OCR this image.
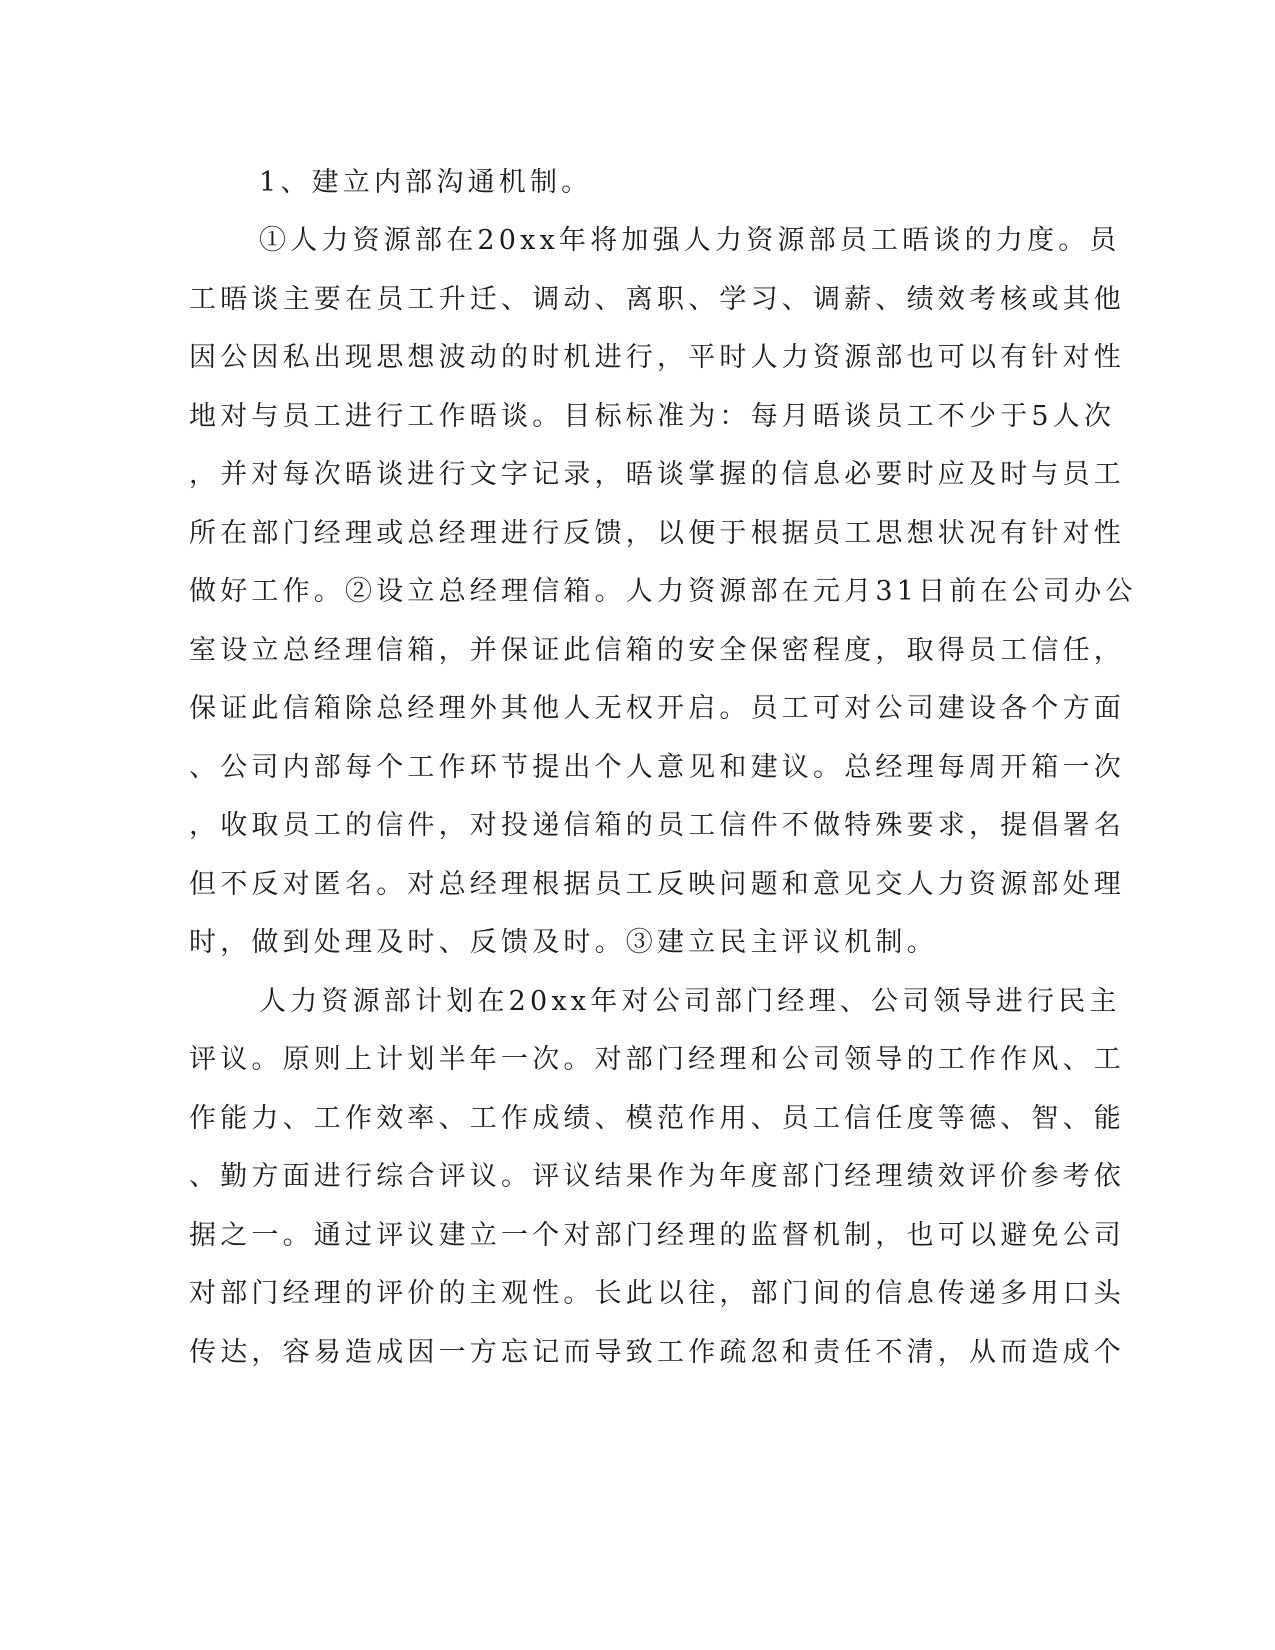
1、建立内部沟通机制。
①人力资源部在20xx年将加强人力资源部员工晤谈的力度。员
工晤谈主要在员工升迁、调动、离职、学习、调薪、绩效考核或其他
因公因私出现思想波动的时机进行，平时人力资源部也可以有针对性
地对与员工进行工作晤谈。目标标准为：每月晤谈员工不少于5人次
，并对每次晤谈进行文字记录，晤谈掌握的信息必要时应及时与员工
所在部门经理或总经理进行反馈，以便于根据员工思想状况有针对性
做好工作。②设立总经理信箱。人力资源部在元月31日前在公司办公
室设立总经理信箱，并保证此信箱的安全保密程度，取得员工信任，
保证此信箱除总经理外其他人无权开启。员工可对公司建设各个方面
、公司内部每个工作环节提出个人意见和建议。总经理每周开箱一次
，收取员工的信件，对投递信箱的员工信件不做特殊要求，提倡署名
但不反对匿名。对总经理根据员工反映问题和意见交人力资源部处理
时，做到处理及时、反馈及时。③建立民主评议机制。
人力资源部计划在20xx年对公司部门经理、公司领导进行民主
评议。原则上计划半年一次。对部门经理和公司领导的工作作风、工
作能力、工作效率、工作成绩、模范作用、员工信任度等德、智、能
、勤方面进行综合评议。评议结果作为年度部门经理绩效评价参考依
据之一。通过评议建立一个对部门经理的监督机制，也可以避免公司
对部门经理的评价的主观性。长此以往，部门间的信息传递多用口头
传达，容易造成因一方忘记而导致工作疏忽和责任不清，从而造成个
